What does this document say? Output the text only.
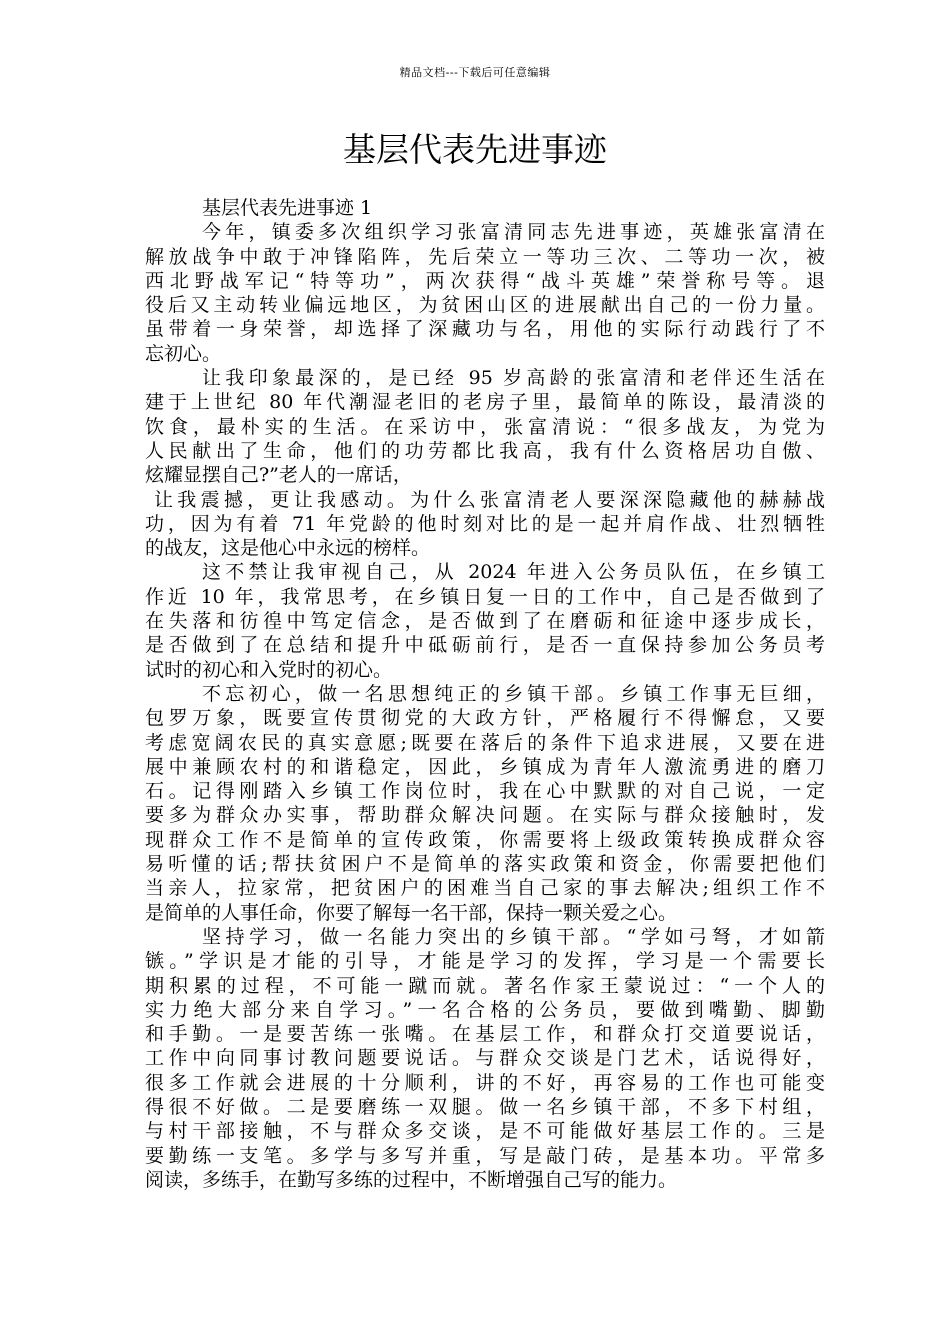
精品文档---下载后可任意编辑
基层代表先进事迹
基层代表先进事迹 1
今年，镇委多次组织学习张富清同志先进事迹，英雄张富清在
解放战争中敢于冲锋陷阵，先后荣立一等功三次、二等功一次，被
西北野战军记“特等功”，两次获得“战斗英雄”荣誉称号等。退
役后又主动转业偏远地区，为贫困山区的进展献出自己的一份力量。
虽带着一身荣誉，却选择了深藏功与名，用他的实际行动践行了不
忘初心。
让我印象最深的，是已经 95 岁高龄的张富清和老伴还生活在
建于上世纪 80 年代潮湿老旧的老房子里，最简单的陈设，最清淡的
饮食，最朴实的生活。在采访中，张富清说：“很多战友，为党为
人民献出了生命，他们的功劳都比我高，我有什么资格居功自傲、
炫耀显摆自己?”老人的一席话，
让我震撼，更让我感动。为什么张富清老人要深深隐藏他的赫赫战
功，因为有着 71 年党龄的他时刻对比的是一起并肩作战、壮烈牺牲
的战友，这是他心中永远的榜样。
这不禁让我审视自己，从 2024 年进入公务员队伍，在乡镇工
作近 10 年，我常思考，在乡镇日复一日的工作中，自己是否做到了
在失落和彷徨中笃定信念，是否做到了在磨砺和征途中逐步成长，
是否做到了在总结和提升中砥砺前行，是否一直保持参加公务员考
试时的初心和入党时的初心。
不忘初心，做一名思想纯正的乡镇干部。乡镇工作事无巨细，
包罗万象，既要宣传贯彻党的大政方针，严格履行不得懈怠，又要
考虑宽阔农民的真实意愿;既要在落后的条件下追求进展，又要在进
展中兼顾农村的和谐稳定，因此，乡镇成为青年人激流勇进的磨刀
石。记得刚踏入乡镇工作岗位时，我在心中默默的对自己说，一定
要多为群众办实事，帮助群众解决问题。在实际与群众接触时，发
现群众工作不是简单的宣传政策，你需要将上级政策转换成群众容
易听懂的话;帮扶贫困户不是简单的落实政策和资金，你需要把他们
当亲人，拉家常，把贫困户的困难当自己家的事去解决;组织工作不
是简单的人事任命，你要了解每一名干部，保持一颗关爱之心。
坚持学习，做一名能力突出的乡镇干部。“学如弓弩，才如箭
镞。”学识是才能的引导，才能是学习的发挥，学习是一个需要长
期积累的过程，不可能一蹴而就。著名作家王蒙说过：“一个人的
实力绝大部分来自学习。”一名合格的公务员，要做到嘴勤、脚勤
和手勤。一是要苦练一张嘴。在基层工作，和群众打交道要说话，
工作中向同事讨教问题要说话。与群众交谈是门艺术，话说得好，
很多工作就会进展的十分顺利，讲的不好，再容易的工作也可能变
得很不好做。二是要磨练一双腿。做一名乡镇干部，不多下村组，
与村干部接触，不与群众多交谈，是不可能做好基层工作的。三是
要勤练一支笔。多学与多写并重，写是敲门砖，是基本功。平常多
阅读，多练手，在勤写多练的过程中，不断增强自己写的能力。
